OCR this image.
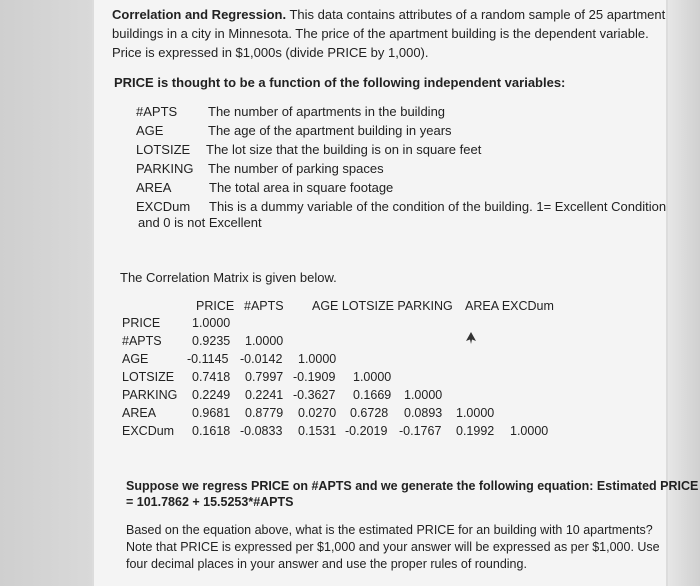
Correlation and Regression. This data contains attributes of a random sample of 25 apartment
buildings in a city in Minnesota. The price of the apartment building is the dependent variable.
Price is expressed in $1,000s (divide PRICE by 1,000).
PRICE is thought to be a function of the following independent variables:
#APTS The number of apartments in the building
AGE	The age of the apartment building in years
LOTSIZE The lot size that the building is on in square feet
PARKING The number of parking spaces
AREA	The total area in square footage
EXCDum This is a dummy variable of the condition of the building. 1= Excellent Condition
and 0 is not Excellent
The Correlation Matrix is given below.
PRICE #APTS AGE LOTSIZE PARKING AREA EXCDum
PRICE
#APTS
AGE
LOTSIZE
PARKING
AREA
EXCDum
1.0000
0.9235 1.0000
-0.1145 -0.0142 1.0000
0.7418 0.7997 -0.1909 1.0000
0.2249 0.2241 -0.3627 0.1669 1.0000
0.9681 0.8779 0.0270 0.6728 0.0893 1.0000
0.1618 -0.0833 0.1531 -0.2019 -0.1767 0.1992 1.0000
Suppose we regress PRICE on #APTS and we generate the following equation: Estimated PRICE
= 101.7862 + 15.5253*#APTS
Based on the equation above, what is the estimated PRICE for an building with 10 apartments?
Note that PRICE is expressed per $1,000 and your answer will be expressed as per $1,000. Use
four decimal places in your answer and use the proper rules of rounding.
